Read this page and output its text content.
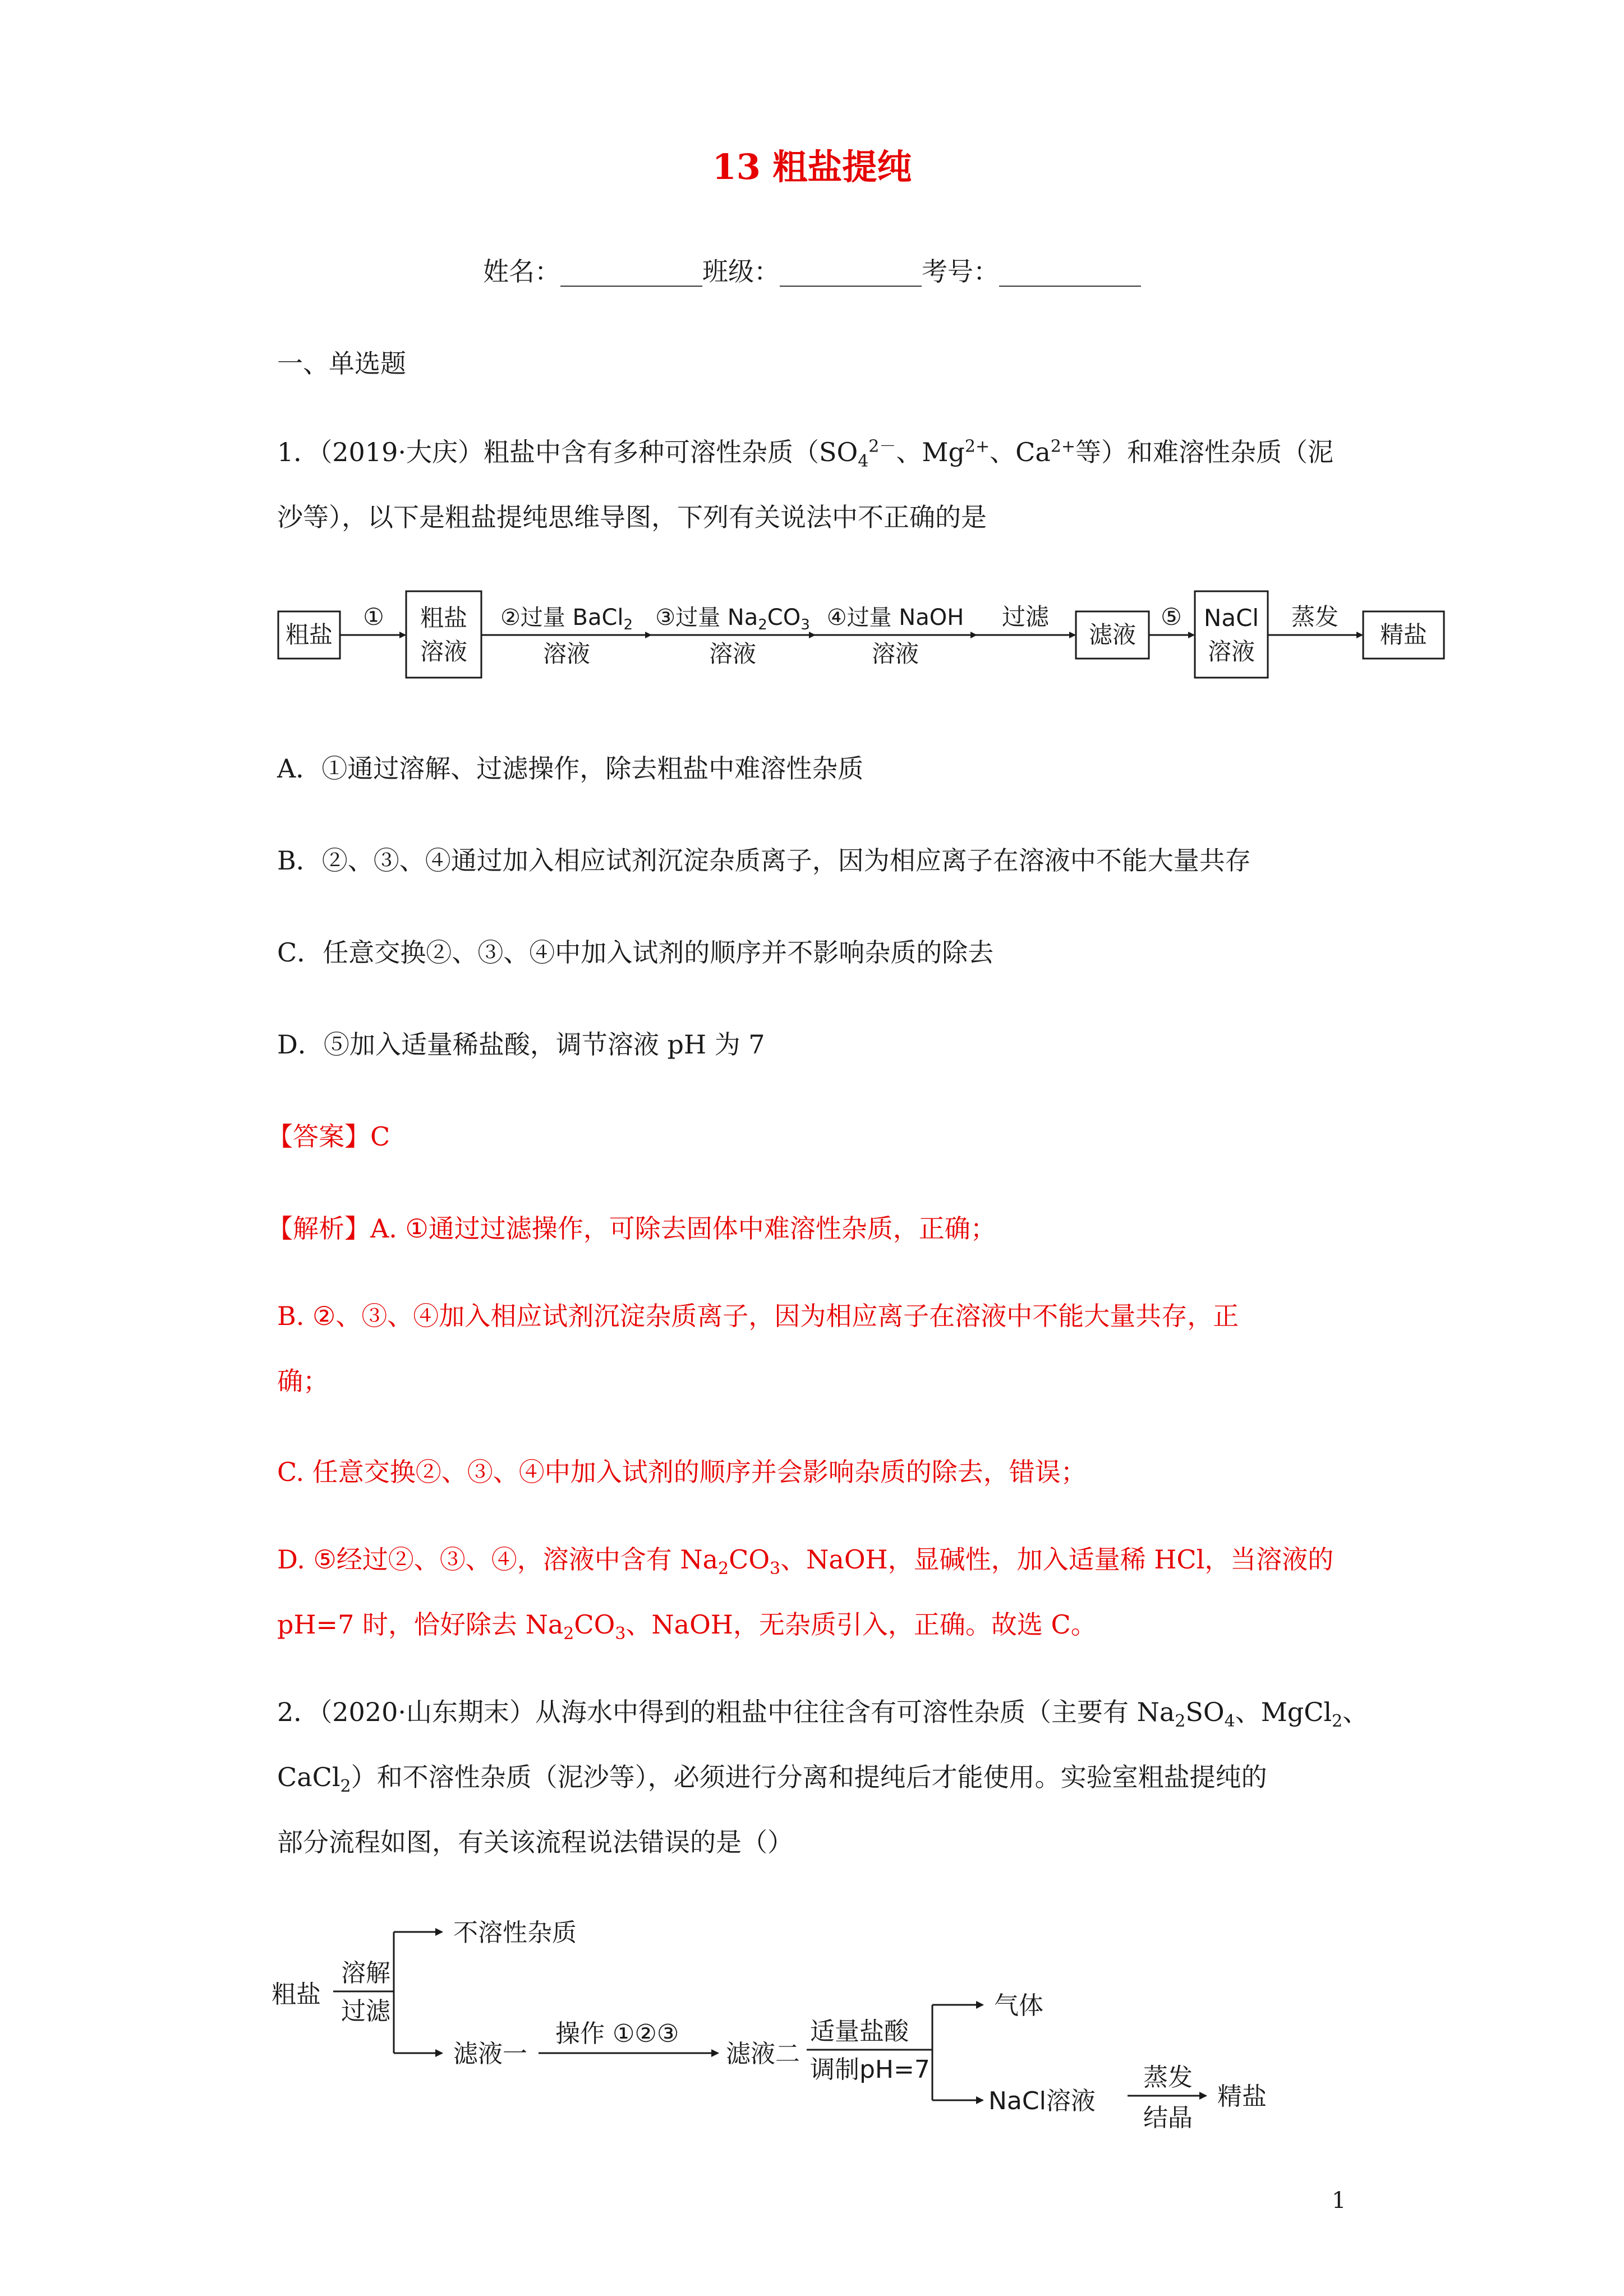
13 粗盐提纯
姓名：___________班级：___________考号：___________
一、单选题
1．（2019·大庆）粗盐中含有多种可溶性杂质（$SO_4^{2-}$、$Mg^{2+}$、$Ca^{2+}$等）和难溶性杂质（泥
沙等），以下是粗盐提纯思维导图，下列有关说法中不正确的是
粗盐
① 粗盐
溶液
②过量 BaCl$_2$
溶液
③过量 $Na_2CO_3$
溶液
④过量 NaOH
溶液
过滤
滤液
⑤ NaCl
溶液
蒸发
精盐
A．①通过溶解、过滤操作，除去粗盐中难溶性杂质
B．②、③、④通过加入相应试剂沉淀杂质离子，因为相应离子在溶液中不能大量共存
C．任意交换②、③、④中加入试剂的顺序并不影响杂质的除去
D．⑤加入适量稀盐酸，调节溶液 pH 为 7
【答案】C
【解析】A. ①通过过滤操作，可除去固体中难溶性杂质，正确；
B. ②、③、④加入相应试剂沉淀杂质离子，因为相应离子在溶液中不能大量共存，正
确；
C. 任意交换②、③、④中加入试剂的顺序并会影响杂质的除去，错误；
D. ⑤经过②、③、④，溶液中含有 $Na_2CO_3$、NaOH，显碱性，加入适量稀 HCl，当溶液的
pH=7 时，恰好除去 $Na_2CO_3$、NaOH，无杂质引入，正确。故选 C。
2．（2020·山东期末）从海水中得到的粗盐中往往含有可溶性杂质（主要有 $Na_2SO_4$、MgCl$_2$、
CaCl$_2$）和不溶性杂质（泥沙等），必须进行分离和提纯后才能使用。实验室粗盐提纯的
部分流程如图，有关该流程说法错误的是（）
粗盐
溶解
过滤
不溶性杂质
滤液一
操作 ①②③
滤液二
适量盐酸
调制pH=7
气体
NaCl溶液
蒸发
结晶
精盐
1
